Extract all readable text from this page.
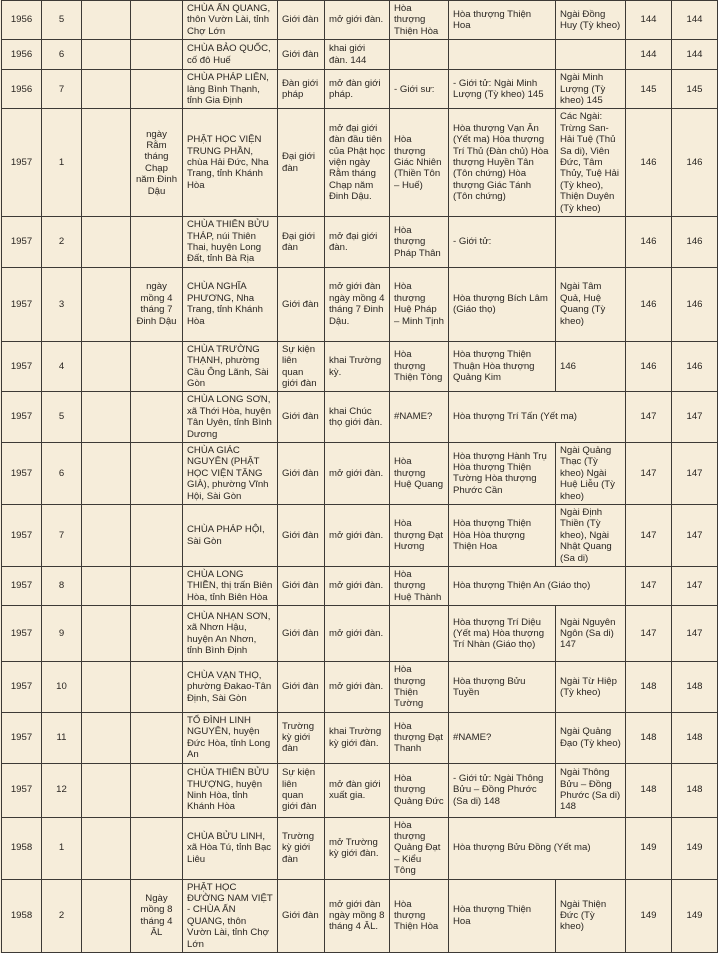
1956	5			CHÙA ẤN QUANG, thôn Vườn Lài, tỉnh Chợ Lớn	Giới đàn	mở giới đàn.	Hòa thượng Thiện Hòa	Hòa thượng Thiện Hoa	Ngài Đồng Huy (Tỳ kheo)	144	144
1956	6			CHÙA BẢO QUỐC, cố đô Huế	Giới đàn	khai giới đàn. 144				144	144
1956	7			CHÙA PHÁP LIÊN, làng Bình Thạnh, tỉnh Gia Định	Đàn giới pháp	mở đàn giới pháp.	- Giới sư:	- Giới tử: Ngài Minh Lượng (Tỳ kheo) 145	Ngài Minh Lượng (Tỳ kheo) 145	145	145
1957	1		ngày Rằm tháng Chạp năm Đinh Dậu	PHẬT HỌC VIỆN TRUNG PHẦN, chùa Hải Đức, Nha Trang, tỉnh Khánh Hòa	Đại giới đàn	mở đại giới đàn đầu tiên của Phật học viện ngày Rằm tháng Chạp năm Đinh Dậu.	Hòa thượng Giác Nhiên (Thiền Tôn – Huế)	Hòa thượng Vạn Ân (Yết ma) Hòa thượng Trí Thủ (Đàn chủ) Hòa thượng Huyền Tân (Tôn chứng) Hòa thượng Giác Tánh (Tôn chứng)	Các Ngài: Trừng San-Hải Tuệ (Thủ Sa di), Viên Đức, Tâm Thủy, Tuệ Hải (Tỳ kheo), Thiện Duyên (Tỳ kheo)	146	146
1957	2			CHÙA THIÊN BỬU THÁP, núi Thiên Thai, huyện Long Đất, tỉnh Bà Rịa	Đại giới đàn	mở đại giới đàn.	Hòa thượng Pháp Thân	- Giới tử:		146	146
1957	3		ngày mồng 4 tháng 7 Đinh Dậu	CHÙA NGHĨA PHƯƠNG, Nha Trang, tỉnh Khánh Hòa	Giới đàn	mở giới đàn ngày mồng 4 tháng 7 Đinh Dậu.	Hòa thượng Huệ Pháp – Minh Tịnh	Hòa thượng Bích Lâm (Giáo thọ)	Ngài Tâm Quả, Huệ Quang (Tỳ kheo)	146	146
1957	4			CHÙA TRƯỜNG THẠNH, phường Cầu Ông Lãnh, Sài Gòn	Sự kiện liên quan giới đàn	khai Trường kỳ.	Hòa thượng Thiện Tòng	Hòa thượng Thiện Thuận Hòa thượng Quảng Kim	146	146	146
1957	5			CHÙA LONG SƠN, xã Thới Hòa, huyện Tân Uyên, tỉnh Bình Dương	Giới đàn	khai Chúc thọ giới đàn.	#NAME?	Hòa thượng Trí Tấn (Yết ma)		147	147
1957	6			CHÙA GIÁC NGUYÊN (PHẬT HỌC VIỆN TĂNG GIÀ), phường Vĩnh Hội, Sài Gòn	Giới đàn	mở giới đàn.	Hòa thượng Huệ Quang	Hòa thượng Hành Trụ Hòa thượng Thiện Tường Hòa thượng Phước Cần	Ngài Quảng Thạc (Tỳ kheo) Ngài Huệ Liễu (Tỳ kheo)	147	147
1957	7			CHÙA PHÁP HỘI, Sài Gòn	Giới đàn	mở giới đàn.	Hòa thượng Đạt Hương	Hòa thượng Thiện Hòa Hòa thượng Thiện Hoa	Ngài Định Thiền (Tỳ kheo), Ngài Nhật Quang (Sa di)	147	147
1957	8			CHÙA LONG THIỀN, thị trấn Biên Hòa, tỉnh Biên Hòa	Giới đàn	mở giới đàn.	Hòa thượng Huệ Thành	Hòa thượng Thiện An (Giáo thọ)		147	147
1957	9			CHÙA NHẠN SƠN, xã Nhơn Hậu, huyện An Nhơn, tỉnh Bình Định	Giới đàn	mở giới đàn.		Hòa thượng Trí Diệu (Yết ma) Hòa thượng Trí Nhàn (Giáo thọ)	Ngài Nguyên Ngôn (Sa di) 147	147	147
1957	10			CHÙA VẠN THỌ, phường Đakao-Tân Định, Sài Gòn	Giới đàn	mở giới đàn.	Hòa thượng Thiện Tường	Hòa thượng Bửu Tuyền	Ngài Từ Hiệp (Tỳ kheo)	148	148
1957	11			TỔ ĐÌNH LINH NGUYÊN, huyện Đức Hòa, tỉnh Long An	Trường kỳ giới đàn	khai Trường kỳ giới đàn.	Hòa thượng Đạt Thanh	#NAME?	Ngài Quảng Đạo (Tỳ kheo)	148	148
1957	12			CHÙA THIÊN BỬU THƯỢNG, huyện Ninh Hòa, tỉnh Khánh Hòa	Sự kiện liên quan giới đàn	mở đàn giới xuất gia.	Hòa thượng Quảng Đức	- Giới tử: Ngài Thông Bửu – Đồng Phước (Sa di) 148	Ngài Thông Bửu – Đồng Phước (Sa di) 148	148	148
1958	1			CHÙA BỬU LINH, xã Hòa Tú, tỉnh Bạc Liêu	Trường kỳ giới đàn	mở Trường kỳ giới đàn.	Hòa thượng Quảng Đạt – Kiểu Tông	Hòa thượng Bửu Đồng (Yết ma)		149	149
1958	2		Ngày mồng 8 tháng 4 ÂL	PHẬT HỌC ĐƯỜNG NAM VIỆT - CHÙA ẤN QUANG, thôn Vườn Lài, tỉnh Chợ Lớn	Giới đàn	mở giới đàn ngày mồng 8 tháng 4 ÂL.	Hòa thượng Thiện Hòa	Hòa thượng Thiện Hoa	Ngài Thiện Đức (Tỳ kheo)	149	149
